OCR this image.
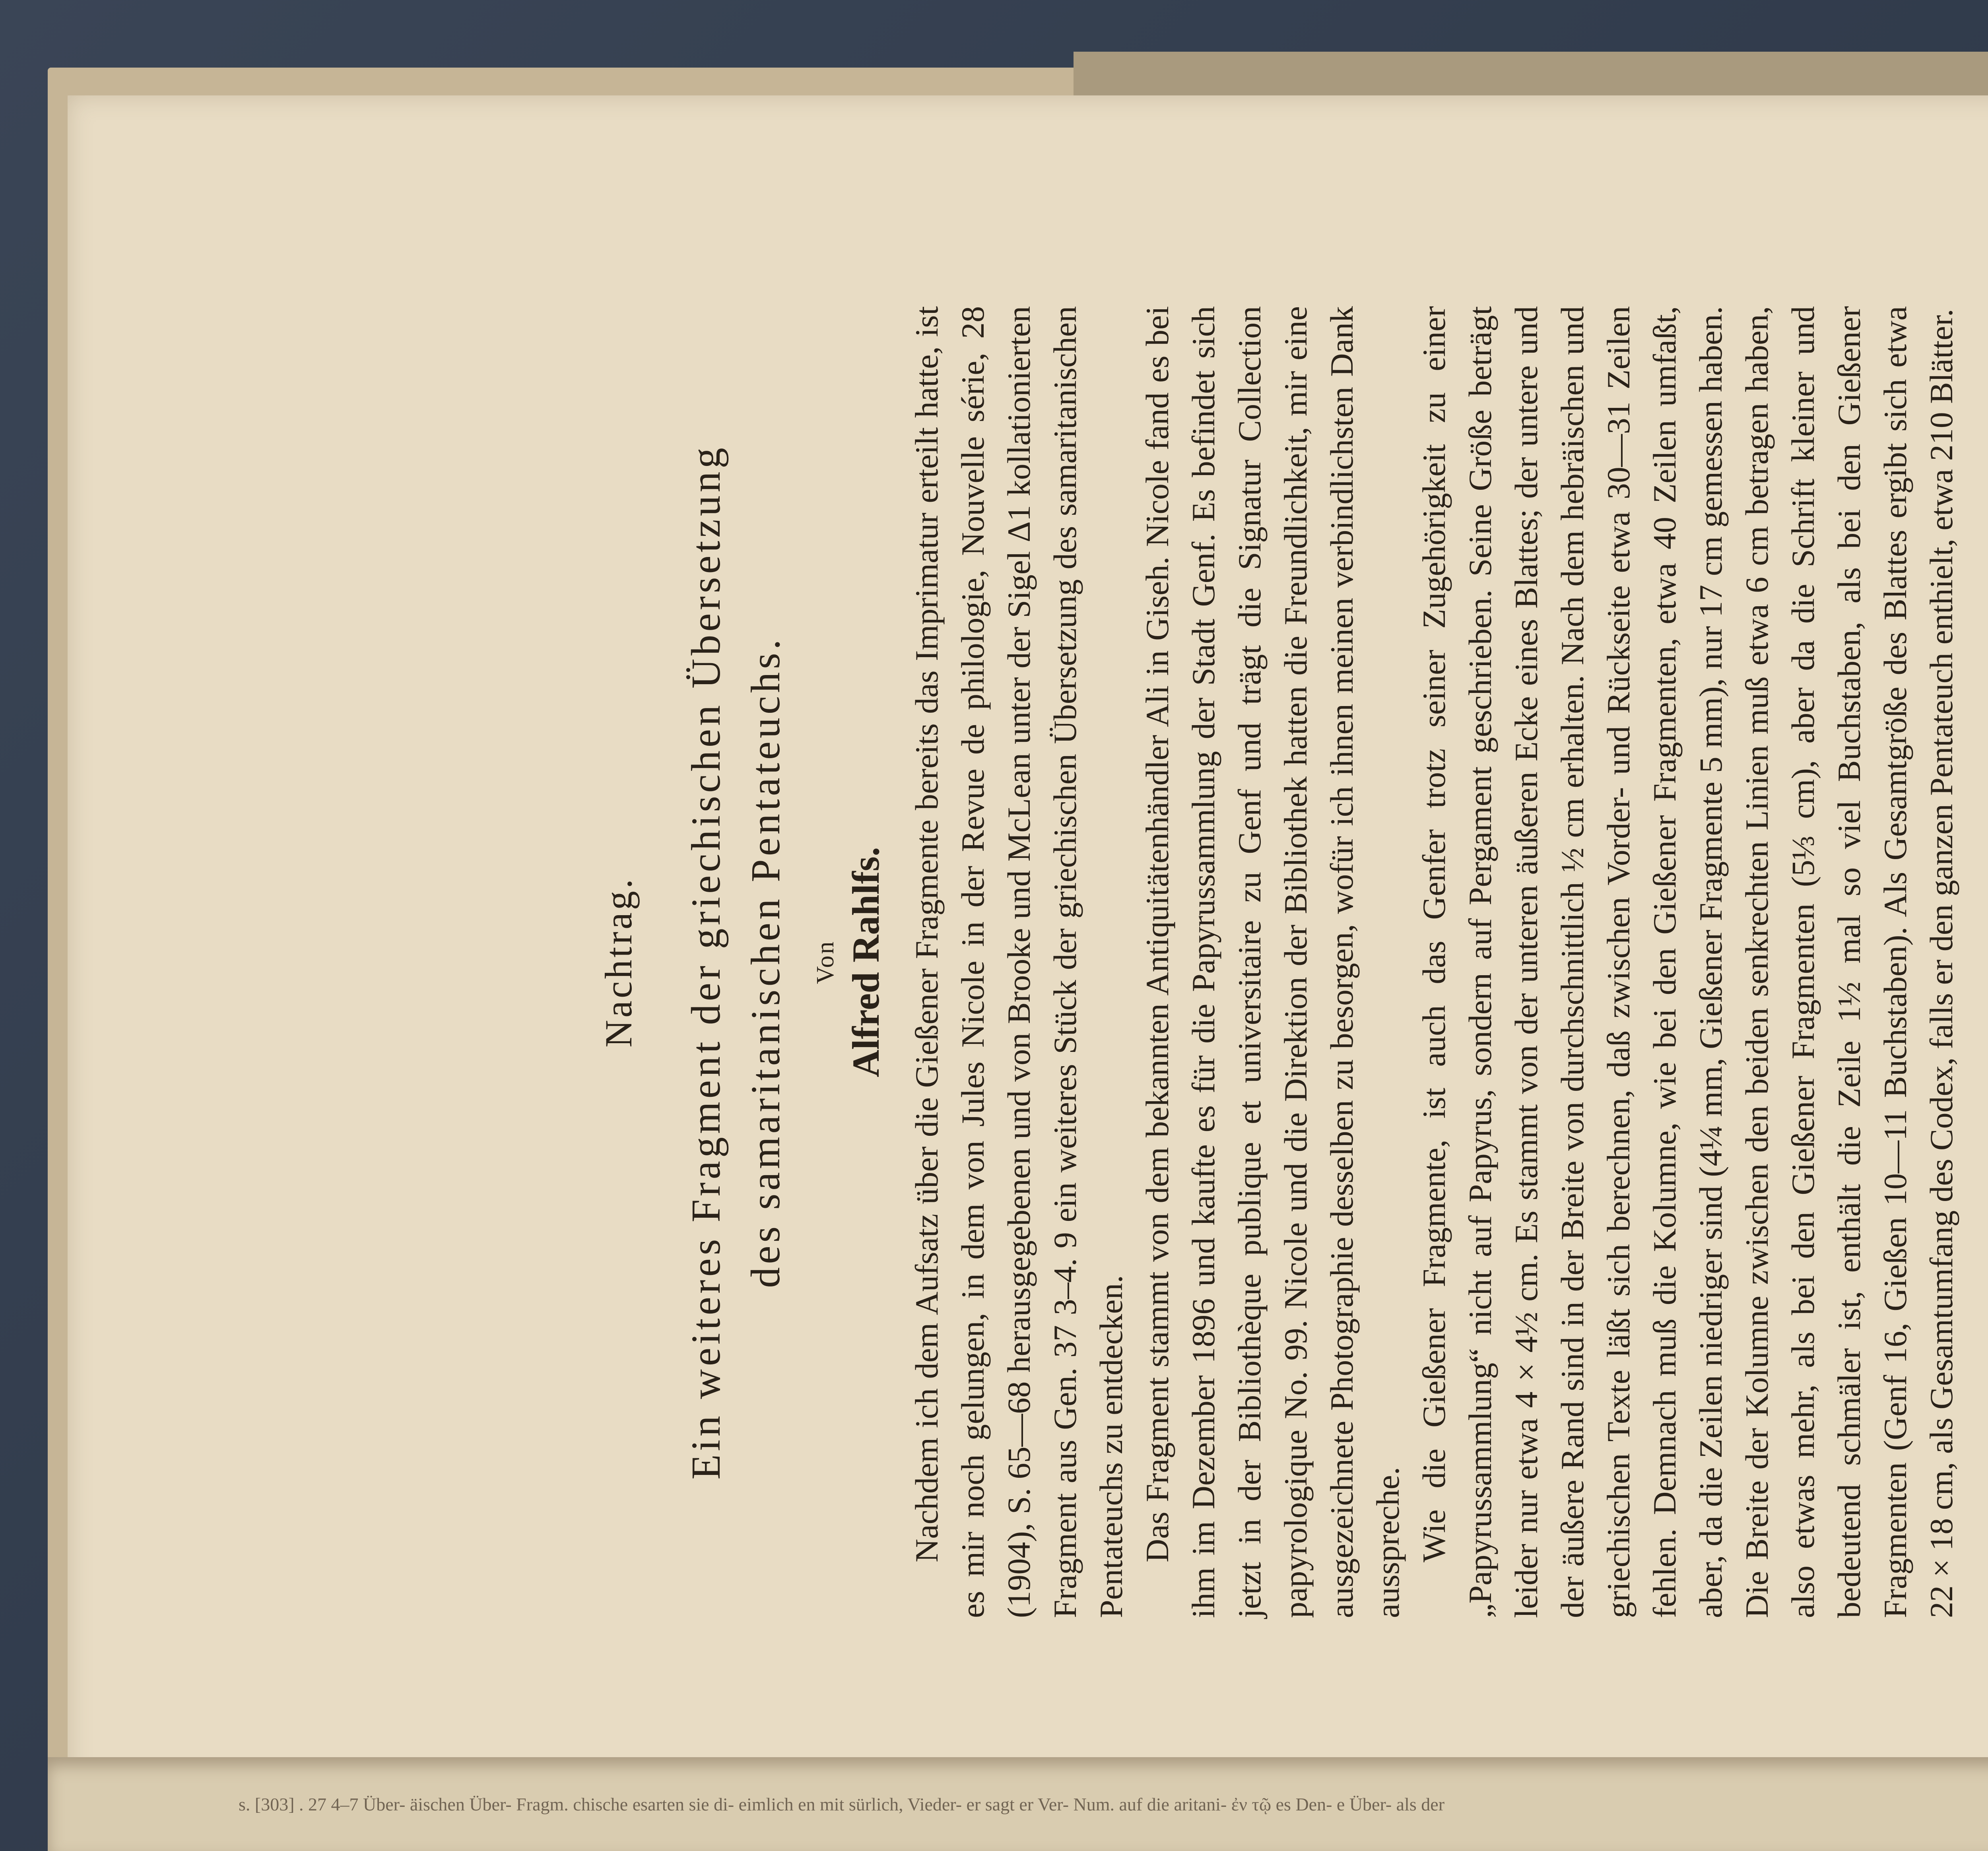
s. [303] . 27 4–7 Über- äischen Über- Fragm. chische esarten sie di- eimlich en mit sürlich, Vieder- er sagt er Ver- Num. auf die aritani- ἐν τῷ es Den- e Über- als der

Nachtrag. Ein weiteres Fragment der griechischen Übersetzung des samaritanischen Pentateuchs. Von Alfred Rahlfs. Nachdem ich dem Aufsatz über die Gießener Fragmente bereits das Imprimatur erteilt hatte, ist es mir noch gelungen, in dem von Jules Nicole in der Revue de philologie, Nouvelle série, 28 (1904), S. 65—68 herausgegebenen und von Brooke und McLean unter der Sigel Δ1 kollationierten Fragment aus Gen. 37 3–4. 9 ein weiteres Stück der griechischen Übersetzung des samaritanischen Pentateuchs zu entdecken. Das Fragment stammt von dem bekannten Antiquitätenhändler Ali in Giseh. Nicole fand es bei ihm im Dezember 1896 und kaufte es für die Papyrussammlung der Stadt Genf. Es befindet sich jetzt in der Bibliothèque publique et universitaire zu Genf und trägt die Signatur Collection papyrologique No. 99. Nicole und die Direktion der Bibliothek hatten die Freundlichkeit, mir eine ausgezeichnete Photographie desselben zu besorgen, wofür ich ihnen meinen verbindlichsten Dank ausspreche. Wie die Gießener Fragmente, ist auch das Genfer trotz seiner Zugehörigkeit zu einer „Papyrussammlung“ nicht auf Papyrus, sondern auf Pergament geschrieben. Seine Größe beträgt leider nur etwa 4 × 4½ cm. Es stammt von der unteren äußeren Ecke eines Blattes; der untere und der äußere Rand sind in der Breite von durchschnittlich ½ cm erhalten. Nach dem hebräischen und griechischen Texte läßt sich berechnen, daß zwischen Vorder- und Rückseite etwa 30—31 Zeilen fehlen. Demnach muß die Kolumne, wie bei den Gießener Fragmenten, etwa 40 Zeilen umfaßt, aber, da die Zeilen niedriger sind (4¼ mm, Gießener Fragmente 5 mm), nur 17 cm gemessen haben. Die Breite der Kolumne zwischen den beiden senkrechten Linien muß etwa 6 cm betragen haben, also etwas mehr, als bei den Gießener Fragmenten (5⅓ cm), aber da die Schrift kleiner und bedeutend schmäler ist, enthält die Zeile 1½ mal so viel Buchstaben, als bei den Gießener Fragmenten (Genf 16, Gießen 10—11 Buchstaben). Als Gesamtgröße des Blattes ergibt sich etwa 22 × 18 cm, als Gesamtumfang des Codex, falls er den ganzen Pentateuch enthielt, etwa 210 Blätter.
